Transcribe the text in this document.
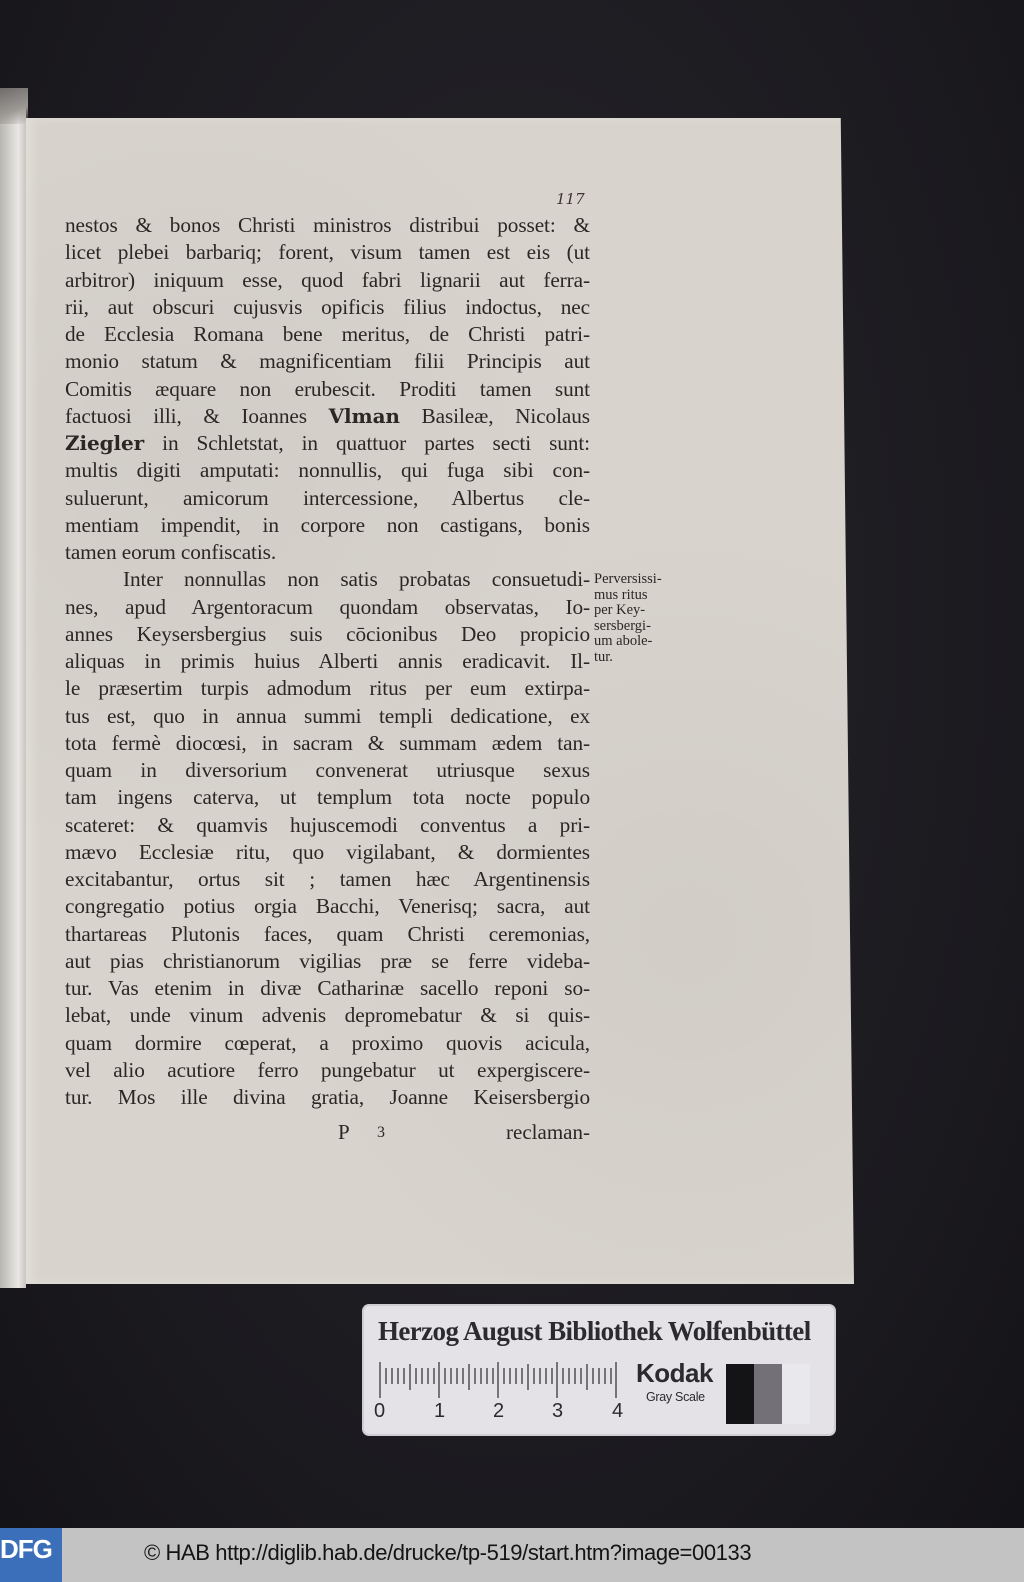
117
nestos & bonos Christi ministros distribui posset: &
licet plebei barbariq; forent, visum tamen est eis (ut
arbitror) iniquum esse, quod fabri lignarii aut ferra-
rii, aut obscuri cujusvis opificis filius indoctus, nec
de Ecclesia Romana bene meritus, de Christi patri-
monio statum & magnificentiam filii Principis aut
Comitis æquare non erubescit. Proditi tamen sunt
factuosi illi, & Ioannes Vlman Basileæ, Nicolaus
Ziegler in Schletstat, in quattuor partes secti sunt:
multis digiti amputati: nonnullis, qui fuga sibi con-
suluerunt, amicorum intercessione, Albertus cle-
mentiam impendit, in corpore non castigans, bonis
tamen eorum confiscatis.
Inter nonnullas non satis probatas consuetudi-
nes, apud Argentoracum quondam observatas, Io-
annes Keysersbergius suis cōcionibus Deo propicio
aliquas in primis huius Alberti annis eradicavit. Il-
le præsertim turpis admodum ritus per eum extirpa-
tus est, quo in annua summi templi dedicatione, ex
tota fermè diocœsi, in sacram & summam ædem tan-
quam in diversorium convenerat utriusque sexus
tam ingens caterva, ut templum tota nocte populo
scateret: & quamvis hujuscemodi conventus a pri-
mævo Ecclesiæ ritu, quo vigilabant, & dormientes
excitabantur, ortus sit ; tamen hæc Argentinensis
congregatio potius orgia Bacchi, Venerisq; sacra, aut
thartareas Plutonis faces, quam Christi ceremonias,
aut pias christianorum vigilias præ se ferre videba-
tur. Vas etenim in divæ Catharinæ sacello reponi so-
lebat, unde vinum advenis depromebatur & si quis-
quam dormire cœperat, a proximo quovis acicula,
vel alio acutiore ferro pungebatur ut expergiscere-
tur. Mos ille divina gratia, Joanne Keisersbergio
Perversissi-
mus ritus
per Key-
sersbergi-
um abole-
tur.
P 3	reclaman-
Herzog August Bibliothek Wolfenbüttel
0 1 2 3 4
Kodak
Gray Scale
DFG	© HAB http://diglib.hab.de/drucke/tp-519/start.htm?image=00133
